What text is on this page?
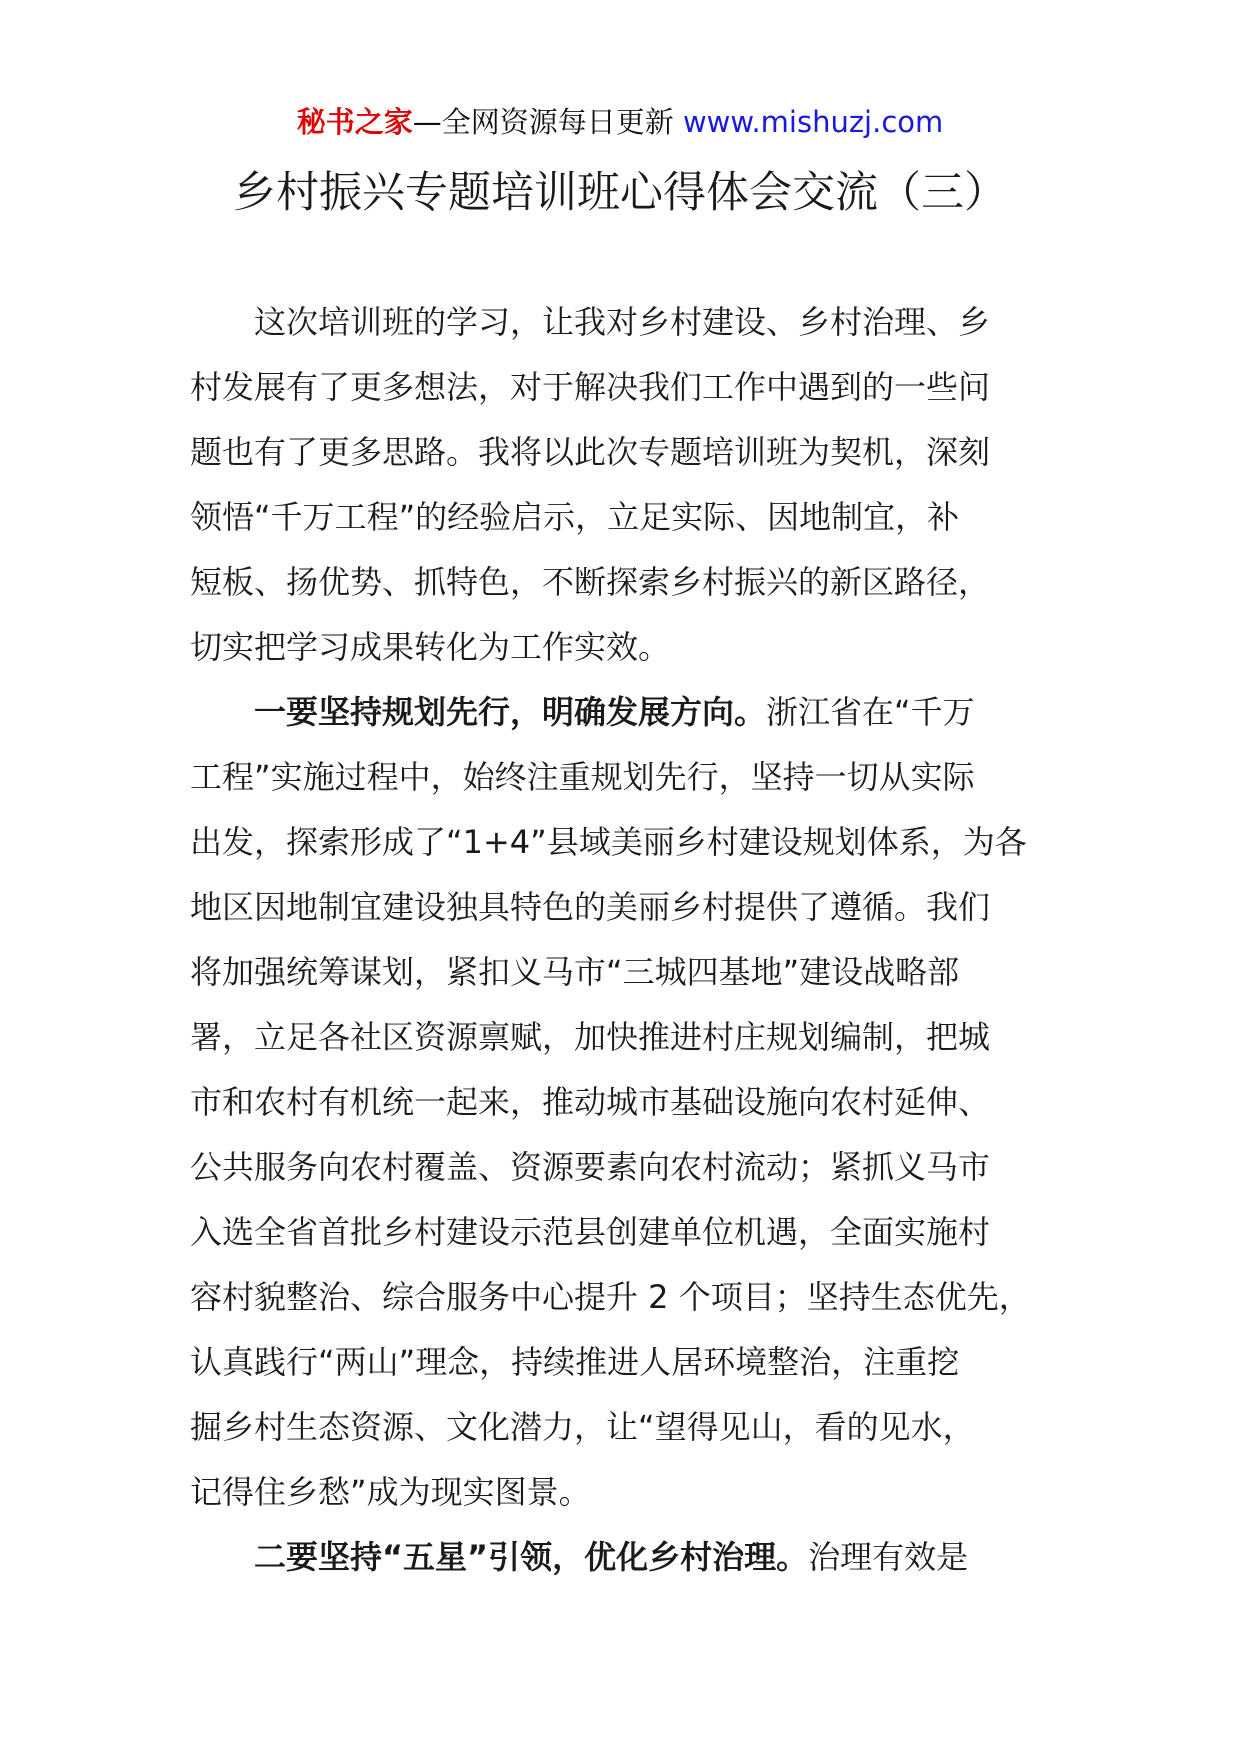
秘书之家—全网资源每日更新 www.mishuzj.com
乡村振兴专题培训班心得体会交流（三）
这次培训班的学习，让我对乡村建设、乡村治理、乡
村发展有了更多想法，对于解决我们工作中遇到的一些问
题也有了更多思路。我将以此次专题培训班为契机，深刻
领悟“千万工程”的经验启示，立足实际、因地制宜，补
短板、扬优势、抓特色，不断探索乡村振兴的新区路径，
切实把学习成果转化为工作实效。
一要坚持规划先行，明确发展方向。浙江省在“千万
工程”实施过程中，始终注重规划先行，坚持一切从实际
出发，探索形成了“1+4”县域美丽乡村建设规划体系，为各
地区因地制宜建设独具特色的美丽乡村提供了遵循。我们
将加强统筹谋划，紧扣义马市“三城四基地”建设战略部
署，立足各社区资源禀赋，加快推进村庄规划编制，把城
市和农村有机统一起来，推动城市基础设施向农村延伸、
公共服务向农村覆盖、资源要素向农村流动；紧抓义马市
入选全省首批乡村建设示范县创建单位机遇，全面实施村
容村貌整治、综合服务中心提升 2 个项目；坚持生态优先，
认真践行“两山”理念，持续推进人居环境整治，注重挖
掘乡村生态资源、文化潜力，让“望得见山，看的见水，
记得住乡愁”成为现实图景。
二要坚持“五星”引领，优化乡村治理。治理有效是
